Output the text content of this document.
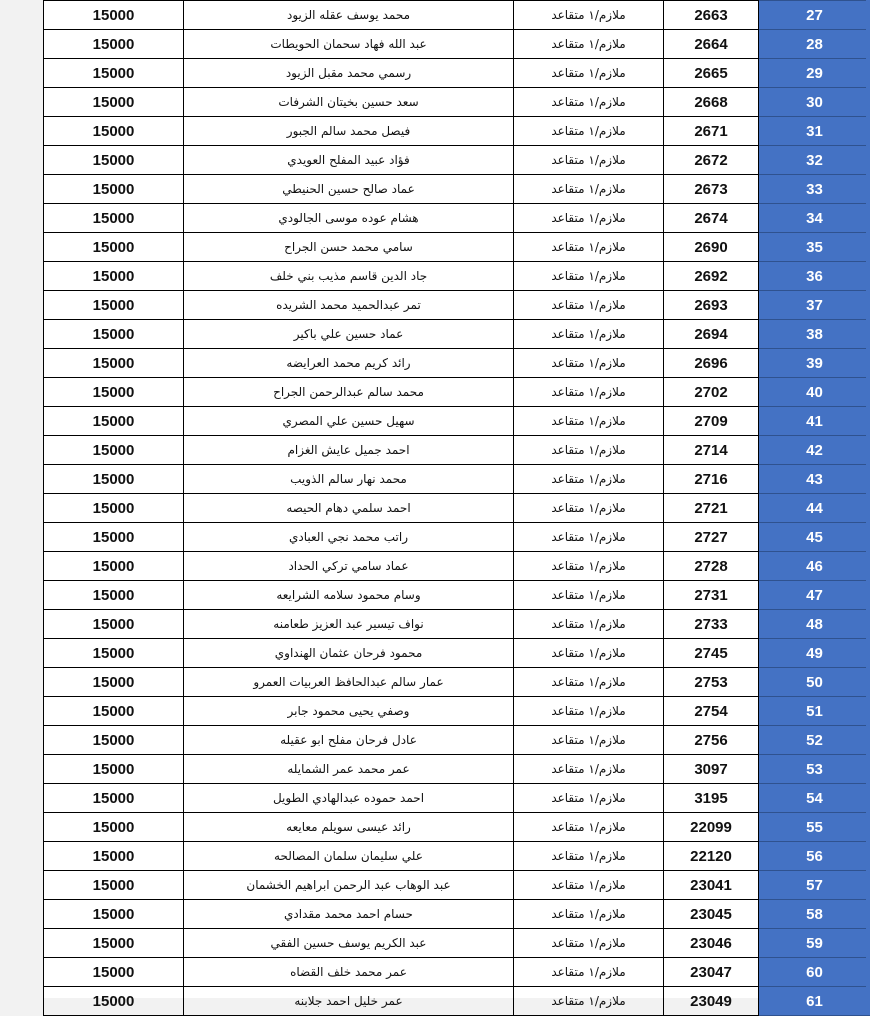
15000	محمد يوسف عقله الزيود	ملازم/١ متقاعد	2663	27
15000	عبد الله فهاد سحمان الحويطات	ملازم/١ متقاعد	2664	28
15000	رسمي محمد مقبل الزيود	ملازم/١ متقاعد	2665	29
15000	سعد حسين بخيتان الشرفات	ملازم/١ متقاعد	2668	30
15000	فيصل محمد سالم الجبور	ملازم/١ متقاعد	2671	31
15000	فؤاد عبيد المفلح العويدي	ملازم/١ متقاعد	2672	32
15000	عماد صالح حسين الحنيطي	ملازم/١ متقاعد	2673	33
15000	هشام عوده موسى الجالودي	ملازم/١ متقاعد	2674	34
15000	سامي محمد حسن الجراح	ملازم/١ متقاعد	2690	35
15000	جاد الدين قاسم مذيب بني خلف	ملازم/١ متقاعد	2692	36
15000	تمر عبدالحميد محمد الشريده	ملازم/١ متقاعد	2693	37
15000	عماد حسين علي باكير	ملازم/١ متقاعد	2694	38
15000	رائد كريم محمد العرايضه	ملازم/١ متقاعد	2696	39
15000	محمد سالم عبدالرحمن الجراح	ملازم/١ متقاعد	2702	40
15000	سهيل حسين علي المصري	ملازم/١ متقاعد	2709	41
15000	احمد جميل عايش الغزام	ملازم/١ متقاعد	2714	42
15000	محمد نهار سالم الذويب	ملازم/١ متقاعد	2716	43
15000	احمد سلمي دهام الحيصه	ملازم/١ متقاعد	2721	44
15000	راتب محمد نجي العبادي	ملازم/١ متقاعد	2727	45
15000	عماد سامي تركي الحداد	ملازم/١ متقاعد	2728	46
15000	وسام محمود سلامه الشرايعه	ملازم/١ متقاعد	2731	47
15000	نواف تيسير عبد العزيز طعامنه	ملازم/١ متقاعد	2733	48
15000	محمود فرحان عثمان الهنداوي	ملازم/١ متقاعد	2745	49
15000	عمار سالم عبدالحافظ العربيات العمرو	ملازم/١ متقاعد	2753	50
15000	وصفي يحيى محمود جابر	ملازم/١ متقاعد	2754	51
15000	عادل فرحان مفلح ابو عقيله	ملازم/١ متقاعد	2756	52
15000	عمر محمد عمر الشمايله	ملازم/١ متقاعد	3097	53
15000	احمد حموده عبدالهادي الطويل	ملازم/١ متقاعد	3195	54
15000	رائد عيسى سويلم معايعه	ملازم/١ متقاعد	22099	55
15000	علي سليمان سلمان المصالحه	ملازم/١ متقاعد	22120	56
15000	عبد الوهاب عبد الرحمن ابراهيم الخشمان	ملازم/١ متقاعد	23041	57
15000	حسام احمد محمد مقدادي	ملازم/١ متقاعد	23045	58
15000	عبد الكريم يوسف حسين الفقي	ملازم/١ متقاعد	23046	59
15000	عمر محمد خلف القضاه	ملازم/١ متقاعد	23047	60
15000	عمر خليل احمد جلابنه	ملازم/١ متقاعد	23049	61
